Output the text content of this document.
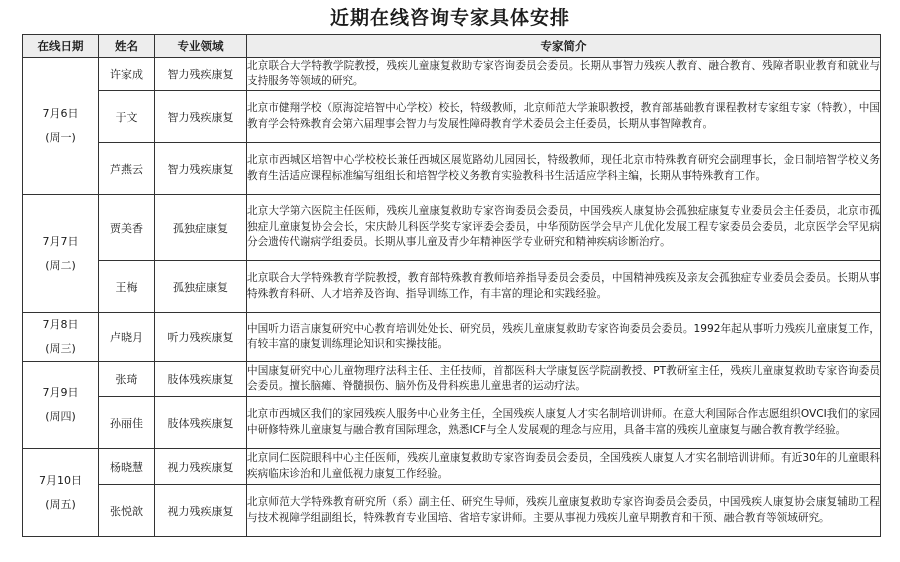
近期在线咨询专家具体安排
在线日期	姓名	专业领域	专家简介

7月6日
(周一)	许家成	智力残疾康复	北京联合大学特教学院教授，残疾儿童康复救助专家咨询委员会委员。长期从事智力残疾人教育、融合教育、残障者职业教育和就业与支持服务等领域的研究。
	于文	智力残疾康复	北京市健翔学校（原海淀培智中心学校）校长，特级教师，北京师范大学兼职教授，教育部基础教育课程教材专家组专家（特教），中国教育学会特殊教育会第六届理事会智力与发展性障碍教育学术委员会主任委员，长期从事智障教育。
	芦燕云	智力残疾康复	北京市西城区培智中心学校校长兼任西城区展览路幼儿园园长，特级教师，现任北京市特殊教育研究会副理事长，金日制培智学校义务教育生活适应课程标准编写组组长和培智学校义务教育实验教科书生活适应学科主编，长期从事特殊教育工作。

7月7日
(周二)	贾美香	孤独症康复	北京大学第六医院主任医师，残疾儿童康复救助专家咨询委员会委员，中国残疾人康复协会孤独症康复专业委员会主任委员，北京市孤独症儿童康复协会会长，宋庆龄儿科医学奖专家评委会委员，中华预防医学会早产儿优化发展工程专家委员会委员，北京医学会罕见病分会遗传代谢病学组委员。长期从事儿童及青少年精神医学专业研究和精神疾病诊断治疗。
	王梅	孤独症康复	北京联合大学特殊教育学院教授，教育部特殊教育教师培养指导委员会委员，中国精神残疾及亲友会孤独症专业委员会委员。长期从事特殊教育科研、人才培养及咨询、指导训练工作，有丰富的理论和实践经验。

7月8日
(周三)	卢晓月	听力残疾康复	中国听力语言康复研究中心教育培训处处长、研究员，残疾儿童康复救助专家咨询委员会委员。1992年起从事听力残疾儿童康复工作，有较丰富的康复训练理论知识和实操技能。

7月9日
(周四)	张琦	肢体残疾康复	中国康复研究中心儿童物理疗法科主任、主任技师，首都医科大学康复医学院副教授、PT教研室主任，残疾儿童康复救助专家咨询委员会委员。擅长脑瘫、脊髓损伤、脑外伤及骨科疾患儿童患者的运动疗法。
	孙丽佳	肢体残疾康复	北京市西城区我们的家园残疾人服务中心业务主任，全国残疾人康复人才实名制培训讲师。在意大利国际合作志愿组织OVCI我们的家园中研修特殊儿童康复与融合教育国际理念，熟悉ICF与全人发展观的理念与应用，具备丰富的残疾儿童康复与融合教育教学经验。

7月10日
(周五)	杨晓慧	视力残疾康复	北京同仁医院眼科中心主任医师，残疾儿童康复救助专家咨询委员会委员，全国残疾人康复人才实名制培训讲师。有近30年的儿童眼科疾病临床诊治和儿童低视力康复工作经验。
	张悦歆	视力残疾康复	北京师范大学特殊教育研究所（系）副主任、研究生导师，残疾儿童康复救助专家咨询委员会委员，中国残疾人康复协会康复辅助工程与技术视障学组副组长，特殊教育专业国培、省培专家讲师。主要从事视力残疾儿童早期教育和干预、融合教育等领域研究。
